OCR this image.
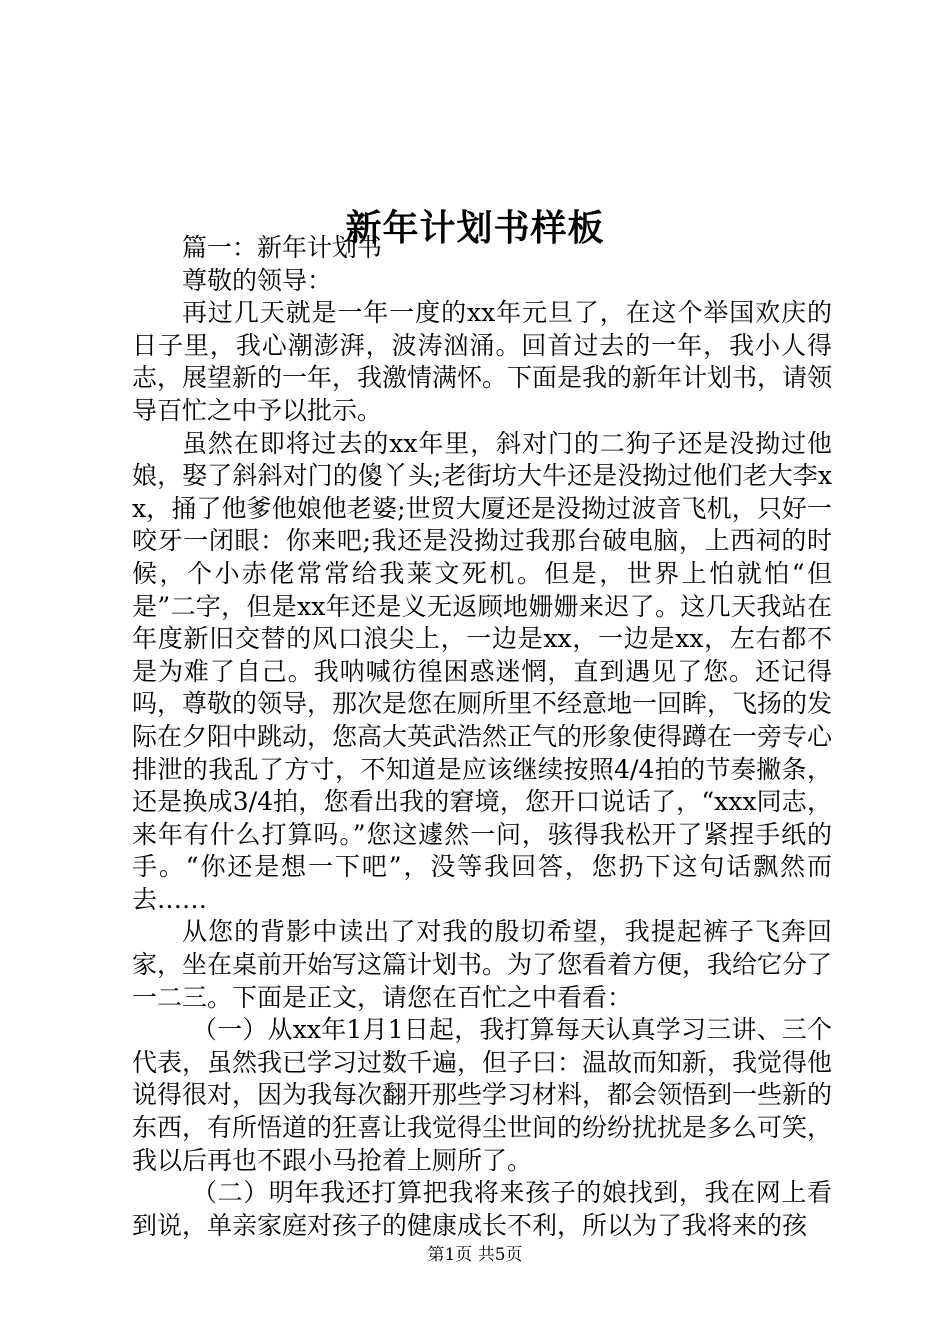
新年计划书样板

篇一：新年计划书

尊敬的领导：

再过几天就是一年一度的xx年元旦了，在这个举国欢庆的日子里，我心潮澎湃，波涛汹涌。回首过去的一年，我小人得志，展望新的一年，我激情满怀。下面是我的新年计划书，请领导百忙之中予以批示。

虽然在即将过去的xx年里，斜对门的二狗子还是没拗过他娘，娶了斜斜对门的傻丫头;老街坊大牛还是没拗过他们老大李xx，捅了他爹他娘他老婆;世贸大厦还是没拗过波音飞机，只好一咬牙一闭眼：你来吧;我还是没拗过我那台破电脑，上西祠的时候，个小赤佬常常给我莱文死机。但是，世界上怕就怕“但是”二字，但是xx年还是义无返顾地姗姗来迟了。这几天我站在年度新旧交替的风口浪尖上，一边是xx，一边是xx，左右都不是为难了自己。我呐喊彷徨困惑迷惘，直到遇见了您。还记得吗，尊敬的领导，那次是您在厕所里不经意地一回眸，飞扬的发际在夕阳中跳动，您高大英武浩然正气的形象使得蹲在一旁专心排泄的我乱了方寸，不知道是应该继续按照4/4拍的节奏撇条，还是换成3/4拍，您看出我的窘境，您开口说话了，“xxx同志，来年有什么打算吗。”您这遽然一问，骇得我松开了紧捏手纸的手。“你还是想一下吧”，没等我回答，您扔下这句话飘然而去……

从您的背影中读出了对我的殷切希望，我提起裤子飞奔回家，坐在桌前开始写这篇计划书。为了您看着方便，我给它分了一二三。下面是正文，请您在百忙之中看看：

（一）从xx年1月1日起，我打算每天认真学习三讲、三个代表，虽然我已学习过数千遍，但子曰：温故而知新，我觉得他说得很对，因为我每次翻开那些学习材料，都会领悟到一些新的东西，有所悟道的狂喜让我觉得尘世间的纷纷扰扰是多么可笑，我以后再也不跟小马抢着上厕所了。

（二）明年我还打算把我将来孩子的娘找到，我在网上看到说，单亲家庭对孩子的健康成长不利，所以为了我将来的孩

第1页 共5页
